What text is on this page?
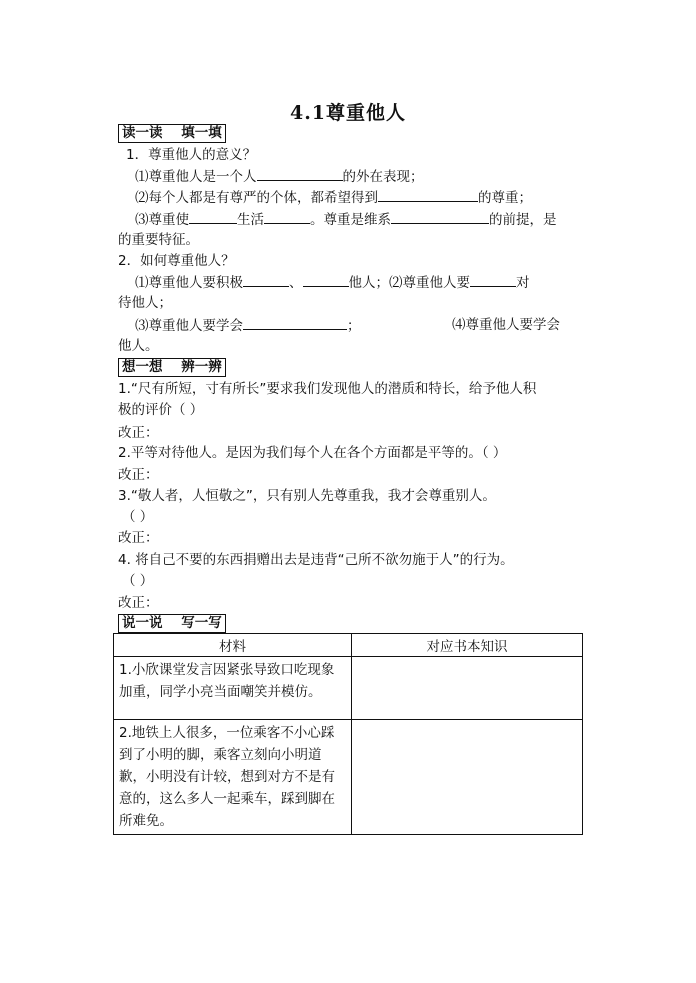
4.1尊重他人
读一读    填一填
1．尊重他人的意义？
⑴尊重他人是一个人	的外在表现；
⑵每个人都是有尊严的个体，都希望得到	的尊重；
⑶尊重使	生活	。尊重是维系	的前提，是
的重要特征。
2．如何尊重他人？
⑴尊重他人要积极	、	他人；⑵尊重他人要	对
待他人；
⑶尊重他人要学会	；	⑷尊重他人要学会
他人。
想一想    辨一辨
1.“尺有所短，寸有所长”要求我们发现他人的潜质和特长，给予他人积
极的评价（ ）
改正：
2.平等对待他人。是因为我们每个人在各个方面都是平等的。（ ）
改正：
3.“敬人者，人恒敬之”，只有别人先尊重我，我才会尊重别人。
（ ）
改正：
4. 将自己不要的东西捐赠出去是违背“己所不欲勿施于人”的行为。
（ ）
改正：
说一说    写一写
材料	对应书本知识
1.小欣课堂发言因紧张导致口吃现象加重，同学小亮当面嘲笑并模仿。	
2.地铁上人很多，一位乘客不小心踩到了小明的脚，乘客立刻向小明道歉，小明没有计较，想到对方不是有意的，这么多人一起乘车，踩到脚在所难免。	
